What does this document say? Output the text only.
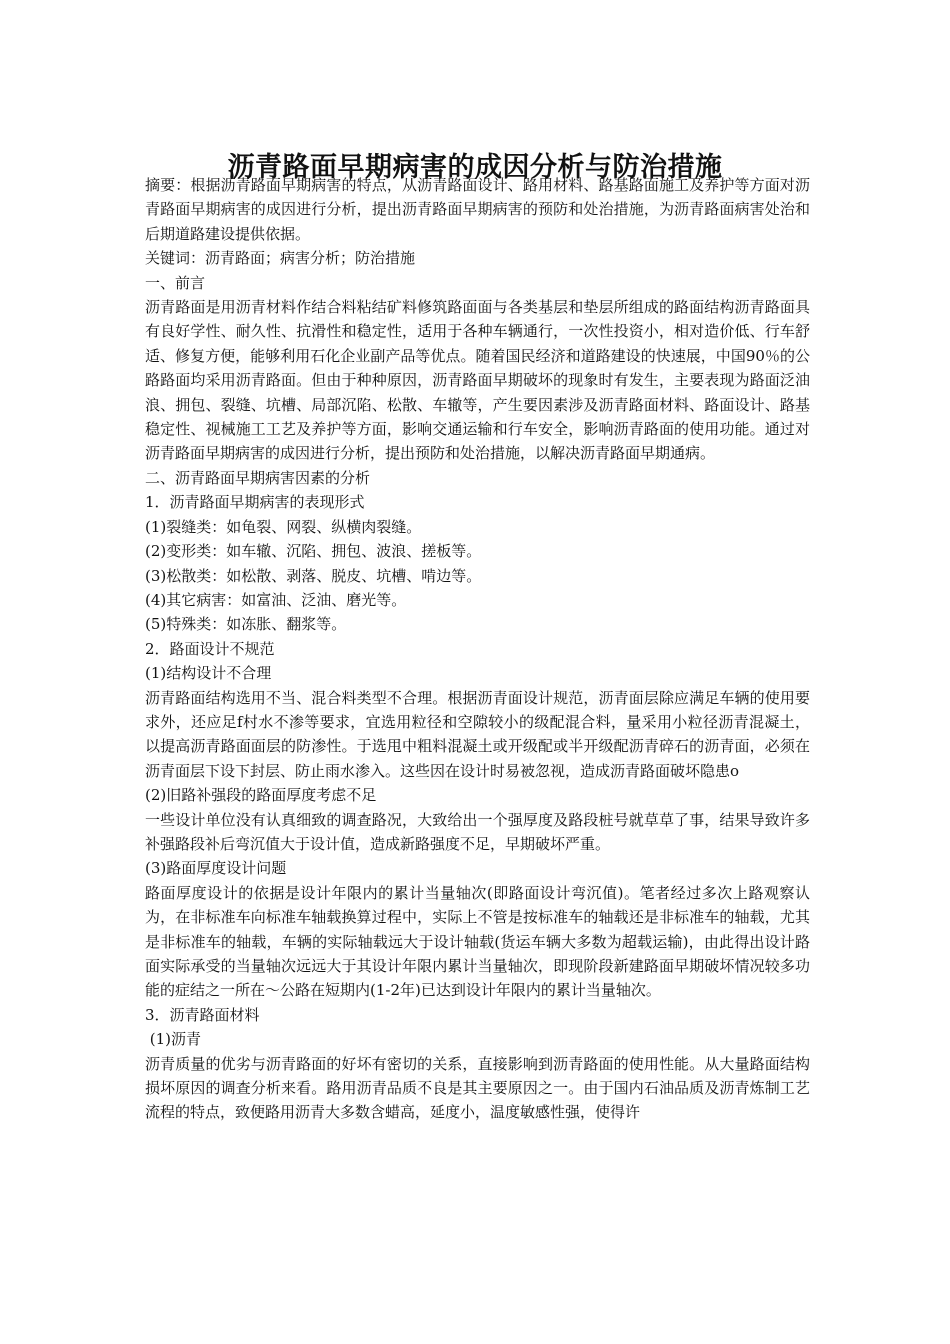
沥青路面早期病害的成因分析与防治措施

摘要：根据沥青路面早期病害的特点，从沥青路面设计、路用材料、路基路面施工及养护等方面对沥青路面早期病害的成因进行分析，提出沥青路面早期病害的预防和处治措施，为沥青路面病害处治和后期道路建设提供依据。

关键词：沥青路面；病害分析；防治措施

一、前言

沥青路面是用沥青材料作结合料粘结矿料修筑路面面与各类基层和垫层所组成的路面结构沥青路面具有良好学性、耐久性、抗滑性和稳定性，适用于各种车辆通行，一次性投资小，相对造价低、行车舒适、修复方便，能够利用石化企业副产品等优点。随着国民经济和道路建设的快速展，中国90％的公路路面均采用沥青路面。但由于种种原因，沥青路面早期破坏的现象时有发生，主要表现为路面泛油浪、拥包、裂缝、坑槽、局部沉陷、松散、车辙等，产生要因素涉及沥青路面材料、路面设计、路基稳定性、视械施工工艺及养护等方面，影响交通运输和行车安全，影响沥青路面的使用功能。通过对沥青路面早期病害的成因进行分析，提出预防和处治措施，以解决沥青路面早期通病。

二、沥青路面早期病害因素的分析

1．沥青路面早期病害的表现形式

(1)裂缝类：如龟裂、网裂、纵横肉裂缝。

(2)变形类：如车辙、沉陷、拥包、波浪、搓板等。

(3)松散类：如松散、剥落、脱皮、坑槽、啃边等。

(4)其它病害：如富油、泛油、磨光等。

(5)特殊类：如冻胀、翻浆等。

2．路面设计不规范

(1)结构设计不合理

沥青路面结构选用不当、混合料类型不合理。根据沥青面设计规范，沥青面层除应满足车辆的使用要求外，还应足f村水不渗等要求，宜选用粒径和空隙较小的级配混合料，量采用小粒径沥青混凝土，以提高沥青路面面层的防渗性。于选甩中粗料混凝土或开级配或半开级配沥青碎石的沥青面，必须在沥青面层下设下封层、防止雨水渗入。这些因在设计时易被忽视，造成沥青路面破坏隐患o

(2)旧路补强段的路面厚度考虑不足

一些设计单位没有认真细致的调查路况，大致给出一个强厚度及路段桩号就草草了事，结果导致许多补强路段补后弯沉值大于设计值，造成新路强度不足，早期破坏严重。

(3)路面厚度设计问题

路面厚度设计的依据是设计年限内的累计当量轴次(即路面设计弯沉值)。笔者经过多次上路观察认为，在非标准车向标准车轴载换算过程中，实际上不管是按标准车的轴载还是非标准车的轴载，尤其是非标准车的轴载，车辆的实际轴载远大于设计轴载(货运车辆大多数为超载运输)，由此得出设计路面实际承受的当量轴次远远大于其设计年限内累计当量轴次，即现阶段新建路面早期破坏情况较多功能的症结之一所在～公路在短期内(1-2年)已达到设计年限内的累计当量轴次。

3．沥青路面材料

(1)沥青

沥青质量的优劣与沥青路面的好坏有密切的关系，直接影响到沥青路面的使用性能。从大量路面结构损坏原因的调查分析来看。路用沥青品质不良是其主要原因之一。由于国内石油品质及沥青炼制工艺流程的特点，致便路用沥青大多数含蜡高，延度小，温度敏感性强，使得许
